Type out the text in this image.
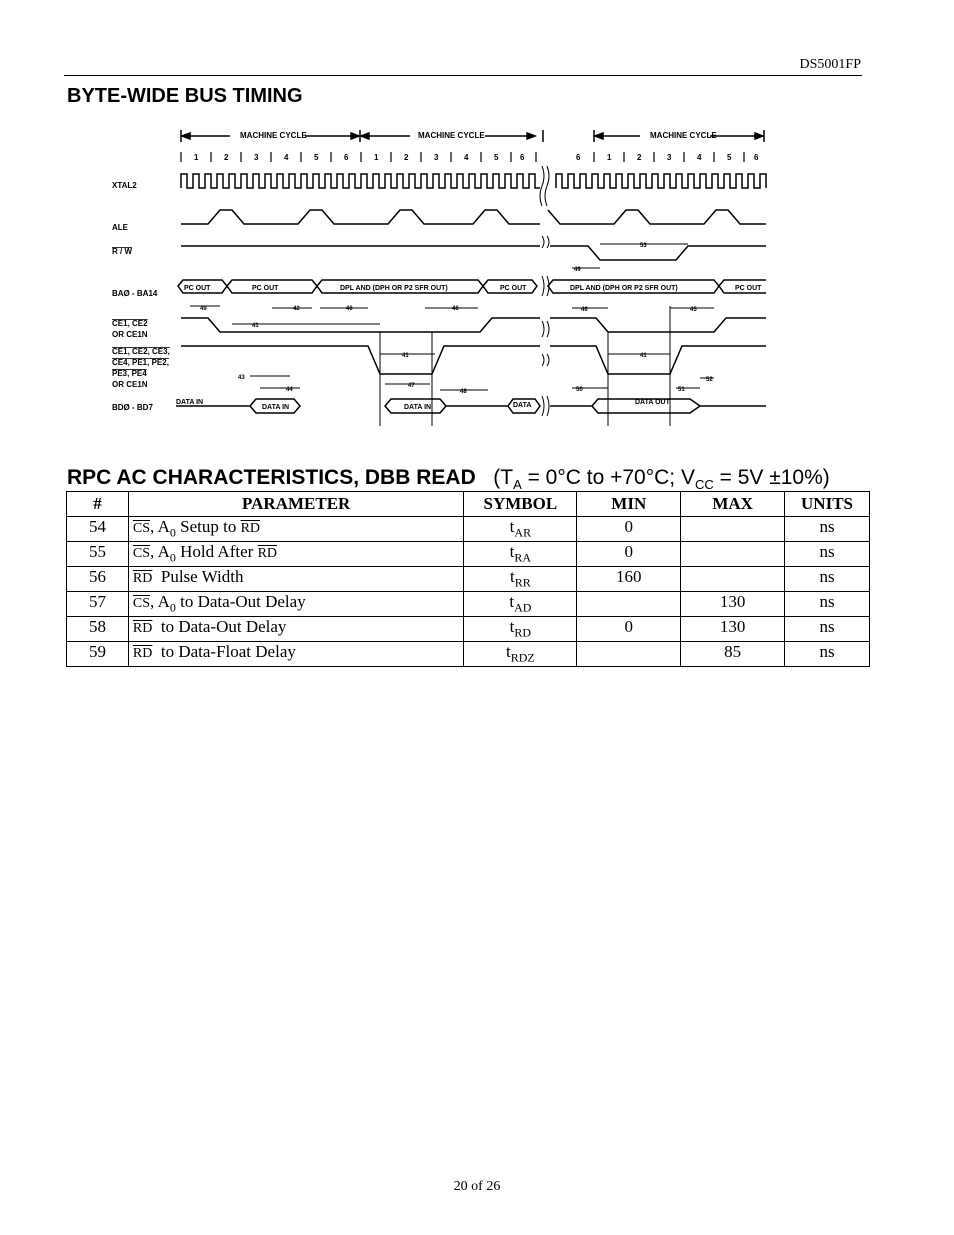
DS5001FP
BYTE-WIDE BUS TIMING
MACHINE CYCLE	MACHINE CYCLE	MACHINE CYCLE
1	2	3	4	5	6	1	2	3	4	5	6	6	1	2	3	4	5	6
XTAL2
ALE
R / W
BAØ - BA14
CE1, CE2
OR CE1N
CE1, CE2, CE3,
CE4, PE1, PE2,
PE3, PE4
OR CE1N
BDØ - BD7
PC OUT	PC OUT	DPL AND (DPH OR P2 SFR OUT)	PC OUT	DPL AND (DPH OR P2 SFR OUT)	PC OUT
DATA IN
DATA IN	DATA IN	DATA	DATA OUT
49
41
42	46	46
41
43
44
47
48
49
46	45
41
50	51
52
53
RPC AC CHARACTERISTICS, DBB READ ($T_A = 0^\circ C$ to +70°C; $V_{CC} = 5V \pm 10\%$)
#	PARAMETER	SYMBOL	MIN	MAX	UNITS
54	$\overline{CS}$, $A_0$ Setup to $\overline{RD}$	$t_{AR}$	0		ns
55	$\overline{CS}$, $A_0$ Hold After $\overline{RD}$	$t_{RA}$	0		ns
56	$\overline{RD}$  Pulse Width	$t_{RR}$	160		ns
57	$\overline{CS}$, $A_0$ to Data-Out Delay	$t_{AD}$		130	ns
58	$\overline{RD}$  to Data-Out Delay	$t_{RD}$	0	130	ns
59	$\overline{RD}$  to Data-Float Delay	$t_{RDZ}$		85	ns
20 of 26
